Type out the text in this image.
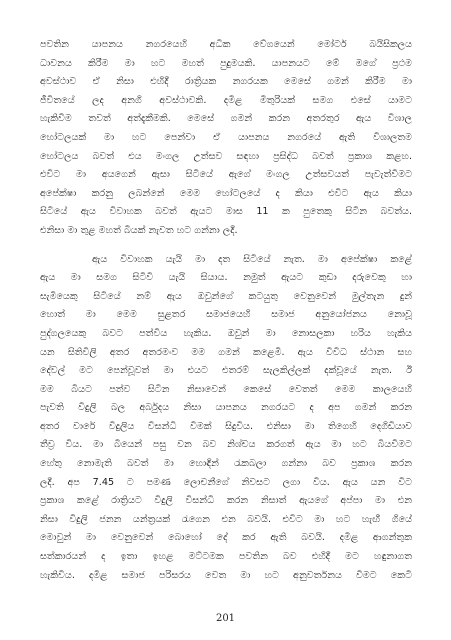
පවතින යාපනය නගරයෙහි අධික වේගයෙන් මෝටර් බයිසිකලය
ධාවනය කිරීම මා හට මහත් පුදුමයකි. යාපනයට මේ මගේ ප්‍රථම
අවස්ථාව ඒ නිසා එහිදී රාත්‍රියක නගරයක මෙසේ ගමන් කිරීම මා
ජීවිතයේ ලද අනගි අවස්ථාවකි. දමිළ මිතුරියක් සමග එසේ යාමට
හැකිවීම තවත් අත්දැකීමකි. මෙසේ ගමන් කරන අතරතුර ඇය විශාල
හෝටලයක් මා හට පෙන්වා ඒ යාපනය නගරයේ ඇති විශාලතම
හෝටලය බවත් එය මංගල උත්සව සඳහා ප්‍රසිද්ධ බවත් ප්‍රකාශ කළහ.
එවිට මා අයගෙන් ඇසා සිටියේ ඇගේ මංගල උත්සවයත් පැවැත්වීමට
අපේක්ෂා කරනු ලබන්නේ මෙම හෝටලයේ ද කියා එවිට ඇය කියා
සිටියේ ඇය විවාහක බවත් ඇයට මාස 11 ක පුතෙකු සිටින බවත්ය.
එනිසා මා තුළ මහත් බියක් නැවත හට ගන්නා ලදී.
ඇය විවාහක යැයි මා දත සිටියේ නැත. මා අපේක්ෂා කළේ
ඇය මා සමග සිටිවි යැයි සියාය. නමුත් ඇයට කුඩා දරුවෙකු හා
සැමියෙකු සිටියේ නම් ඇය ඔවුන්ගේ කටයුතු වෙනුවෙන් මුල්තැන දුන්
හොත් මා මෙම සුළතර සමාජයෙහි සමාජ අනුයෝජනය නොවූ
පුද්ගලයෙකු බවට පත්විය හැකිය. ඔවුන් මා නොසලකා හරිය හැකිය
යන සිතිවිලි අතර අතරමංව මම ගමන් කළෙමි. ඇය විවිධ ස්ථාන සහ
දේවල් මට පෙන්වූවත් මා එයට එතරම් සැලකිල්ලක් දක්වූයේ නැත. ඊ
මම බියට පත්ව සිටින නිසාවෙන් කෙසේ වෙතත් මෙම කාලයෙහි
පැවති විදුලි බල අර්බුදය නිසා යාපනය නගරයට ද අප ගමන් කරන
අතර වාරේ විදුලිය විසන්ධි විමක් සිදුවිය. එනිසා මා තිගෙහි දෙගිඩියාව
තීව්‍ර විය. මා බියෙන් පසු වන බව නිශ්චය කරගත් ඇය මා හට බියවීමට
හේතු නොමැති බවත් මා හොඳින් රැකබලා ගන්නා බව ප්‍රකාශ කරන
ලදී. අප 7.45 ට පමණ ලොචනීගේ නිවසට ලගා විය. ඇය යන විට
ප්‍රකාශ කළේ රාත්‍රියට විදුලි විසන්ධි කරන නිසාත් ඇයගේ අප්පා මා එන
නිසා විදුලි ජනන යන්ත්‍රයක් රැගෙන එන බවයි. එවිට මා හට හැඟී ගියේ
මොවුන් මා වෙනුවෙන් බොහෝ දේ කර ඇති බවයි. දමිළ ආගන්තුක
සත්කාරයන් ද ඉතා ඉහළ මට්ටමක පවතින බව එහිදී මට හඳුනාගත
හැකිවිය. දමිළ සමාජ පරිසරය වෙත මා හට අනුවර්තනය වීමට කෙටි
201
